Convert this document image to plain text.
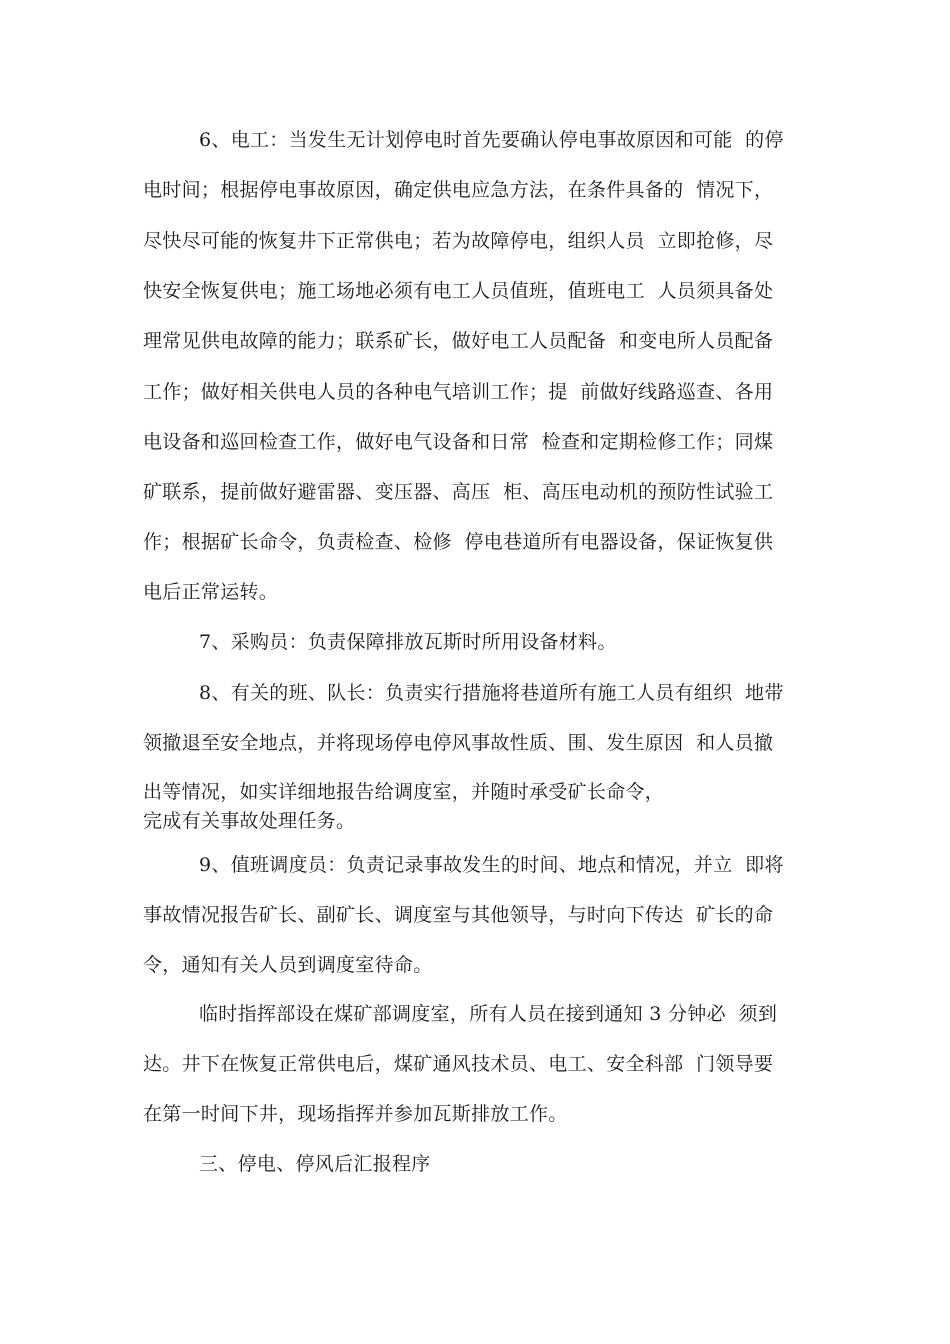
6、电工：当发生无计划停电时首先要确认停电事故原因和可能  的停
电时间；根据停电事故原因，确定供电应急方法，在条件具备的  情况下，
尽快尽可能的恢复井下正常供电；若为故障停电，组织人员  立即抢修，尽
快安全恢复供电；施工场地必须有电工人员值班，值班电工  人员须具备处
理常见供电故障的能力；联系矿长，做好电工人员配备  和变电所人员配备
工作；做好相关供电人员的各种电气培训工作；提  前做好线路巡查、各用
电设备和巡回检查工作，做好电气设备和日常  检查和定期检修工作；同煤
矿联系，提前做好避雷器、变压器、高压  柜、高压电动机的预防性试验工
作；根据矿长命令，负责检查、检修  停电巷道所有电器设备，保证恢复供
电后正常运转。
7、采购员：负责保障排放瓦斯时所用设备材料。
8、有关的班、队长：负责实行措施将巷道所有施工人员有组织  地带
领撤退至安全地点，并将现场停电停风事故性质、围、发生原因  和人员撤
出等情况，如实详细地报告给调度室，并随时承受矿长命令，
完成有关事故处理任务。
9、值班调度员：负责记录事故发生的时间、地点和情况，并立  即将
事故情况报告矿长、副矿长、调度室与其他领导，与时向下传达  矿长的命
令，通知有关人员到调度室待命。
临时指挥部设在煤矿部调度室，所有人员在接到通知 3 分钟必  须到
达。井下在恢复正常供电后，煤矿通风技术员、电工、安全科部  门领导要
在第一时间下井，现场指挥并参加瓦斯排放工作。
三、停电、停风后汇报程序
